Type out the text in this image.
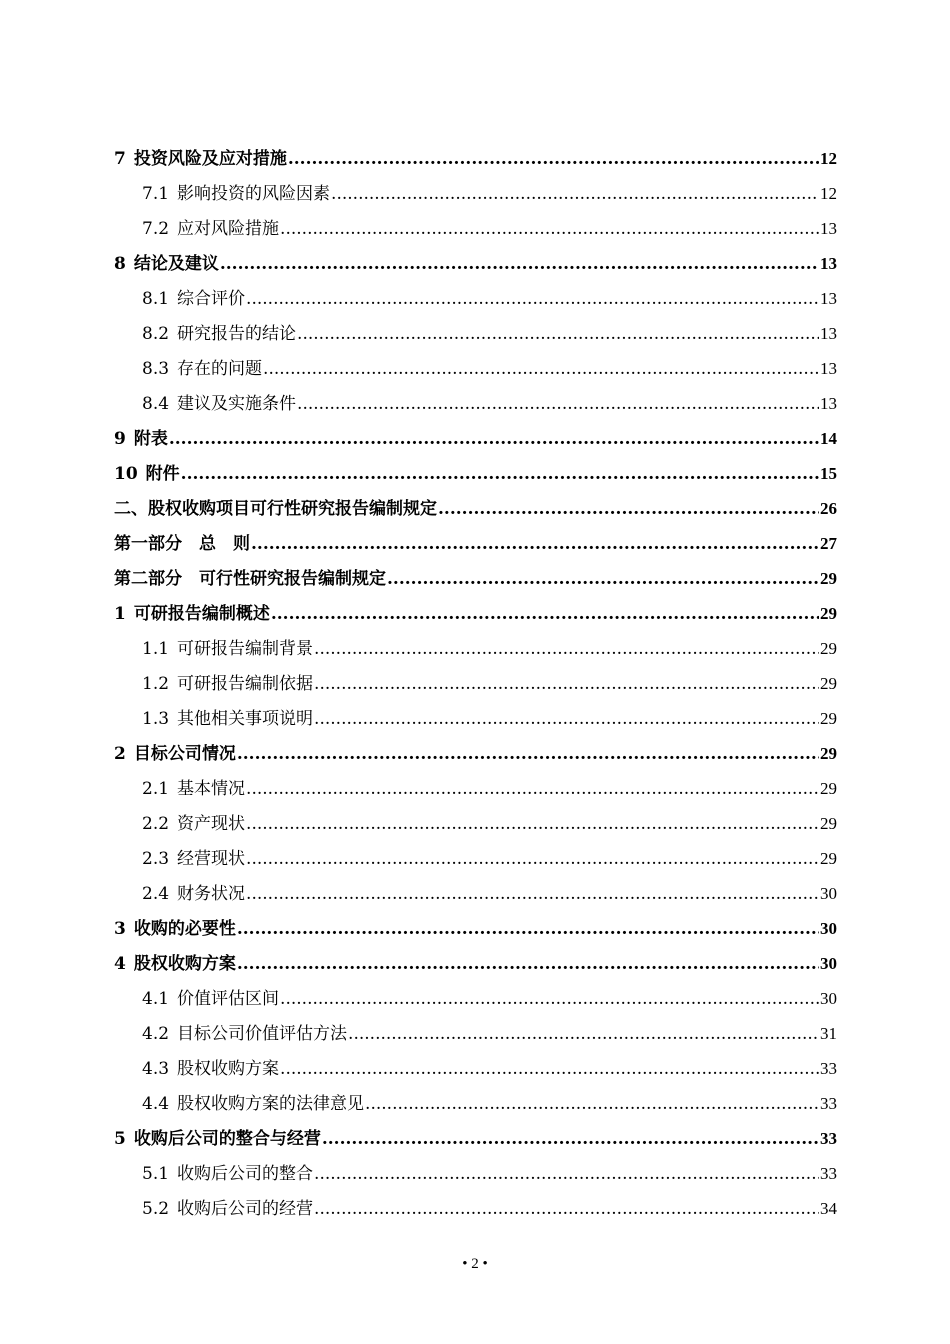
7 投资风险及应对措施 .....	12
7.1 影响投资的风险因素 .....	12
7.2 应对风险措施 .....	13
8 结论及建议 .....	13
8.1 综合评价 .....	13
8.2 研究报告的结论 .....	13
8.3 存在的问题 .....	13
8.4 建议及实施条件 .....	13
9 附表 .....	14
10 附件 .....	15
二、股权收购项目可行性研究报告编制规定 .....	26
第一部分　总　则 .....	27
第二部分　可行性研究报告编制规定 .....	29
1 可研报告编制概述 .....	29
1.1 可研报告编制背景 .....	29
1.2 可研报告编制依据 .....	29
1.3 其他相关事项说明 .....	29
2 目标公司情况 .....	29
2.1 基本情况 .....	29
2.2 资产现状 .....	29
2.3 经营现状 .....	29
2.4 财务状况 .....	30
3 收购的必要性 .....	30
4 股权收购方案 .....	30
4.1 价值评估区间 .....	30
4.2 目标公司价值评估方法 .....	31
4.3 股权收购方案 .....	33
4.4 股权收购方案的法律意见 .....	33
5 收购后公司的整合与经营 .....	33
5.1 收购后公司的整合 .....	33
5.2 收购后公司的经营 .....	34
• 2 •
